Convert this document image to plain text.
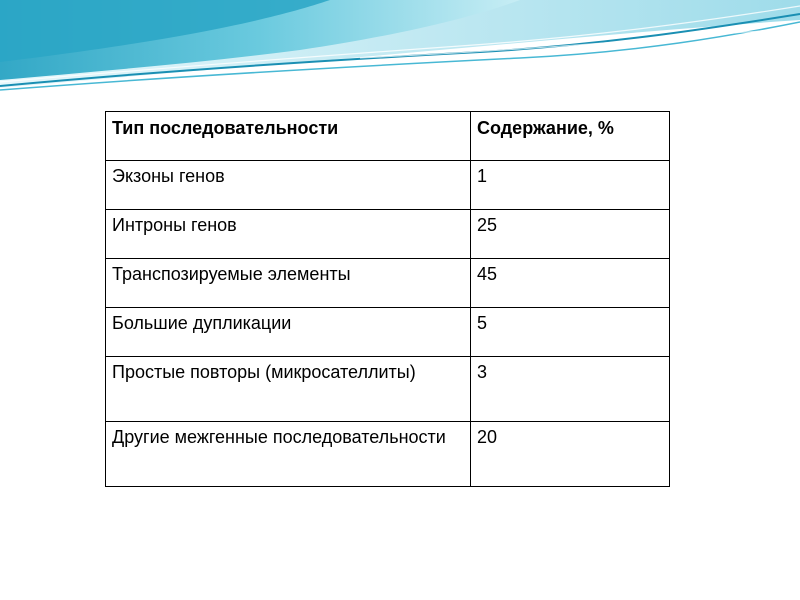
Тип последовательности	Содержание, %
Экзоны генов	1
Интроны генов	25
Транспозируемые элементы	45
Большие дупликации	5
Простые повторы (микросателлиты)	3
Другие межгенные последовательности	20
